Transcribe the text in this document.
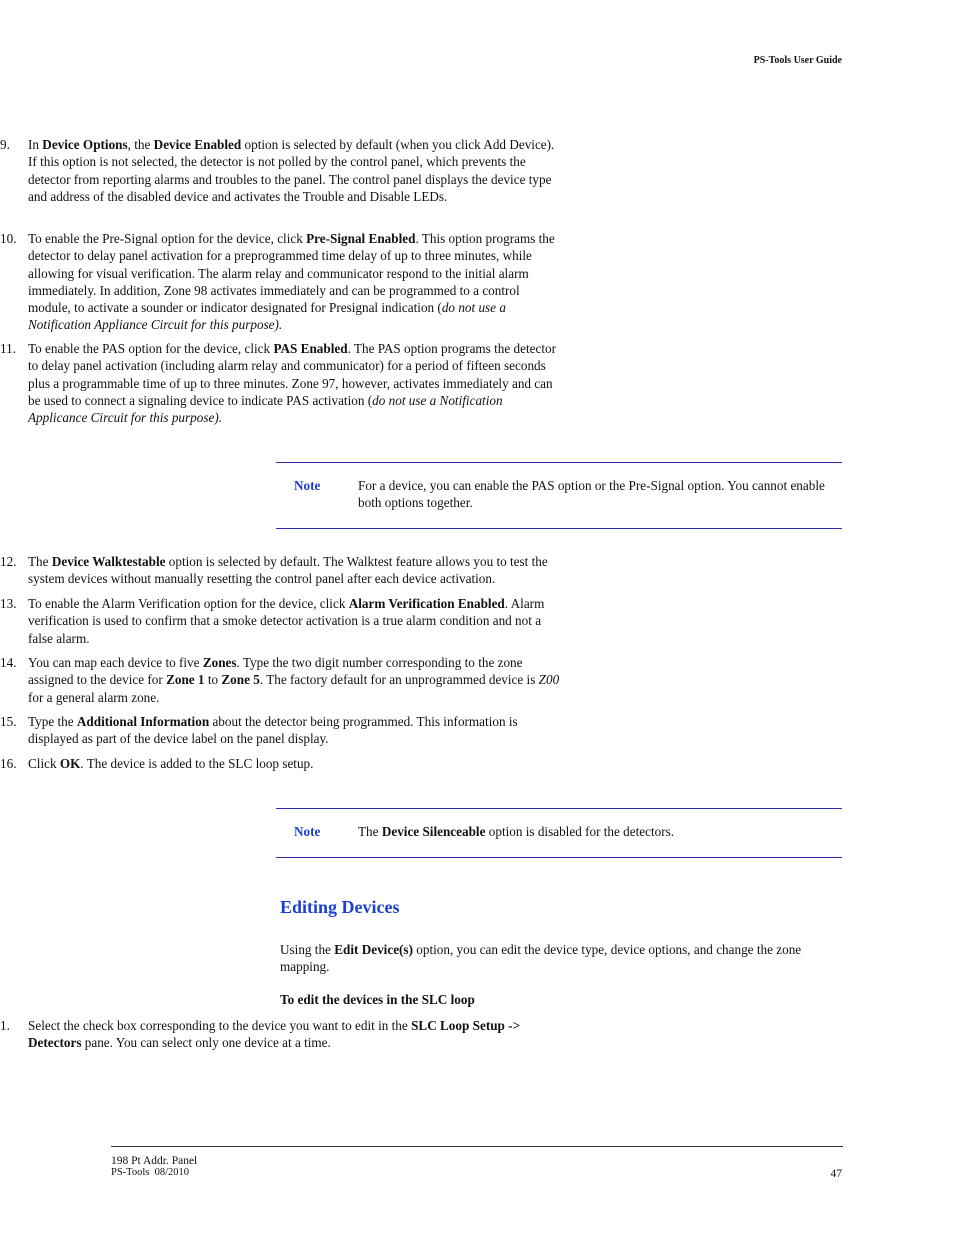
PS-Tools User Guide
9. In Device Options, the Device Enabled option is selected by default (when you click Add Device). If this option is not selected, the detector is not polled by the control panel, which prevents the detector from reporting alarms and troubles to the panel. The control panel displays the device type and address of the disabled device and activates the Trouble and Disable LEDs.
10. To enable the Pre-Signal option for the device, click Pre-Signal Enabled. This option programs the detector to delay panel activation for a preprogrammed time delay of up to three minutes, while allowing for visual verification. The alarm relay and communicator respond to the initial alarm immediately. In addition, Zone 98 activates immediately and can be programmed to a control module, to activate a sounder or indicator designated for Presignal indication (do not use a Notification Appliance Circuit for this purpose).
11. To enable the PAS option for the device, click PAS Enabled. The PAS option programs the detector to delay panel activation (including alarm relay and communicator) for a period of fifteen seconds plus a programmable time of up to three minutes. Zone 97, however, activates immediately and can be used to connect a signaling device to indicate PAS activation (do not use a Notification Applicance Circuit for this purpose).
Note	For a device, you can enable the PAS option or the Pre-Signal option. You cannot enable both options together.
12. The Device Walktestable option is selected by default. The Walktest feature allows you to test the system devices without manually resetting the control panel after each device activation.
13. To enable the Alarm Verification option for the device, click Alarm Verification Enabled. Alarm verification is used to confirm that a smoke detector activation is a true alarm condition and not a false alarm.
14. You can map each device to five Zones. Type the two digit number corresponding to the zone assigned to the device for Zone 1 to Zone 5. The factory default for an unprogrammed device is Z00 for a general alarm zone.
15. Type the Additional Information about the detector being programmed. This information is displayed as part of the device label on the panel display.
16. Click OK. The device is added to the SLC loop setup.
Note	The Device Silenceable option is disabled for the detectors.
Editing Devices
Using the Edit Device(s) option, you can edit the device type, device options, and change the zone mapping.
To edit the devices in the SLC loop
1. Select the check box corresponding to the device you want to edit in the SLC Loop Setup -> Detectors pane. You can select only one device at a time.
198 Pt Addr. Panel
PS-Tools  08/2010	47
